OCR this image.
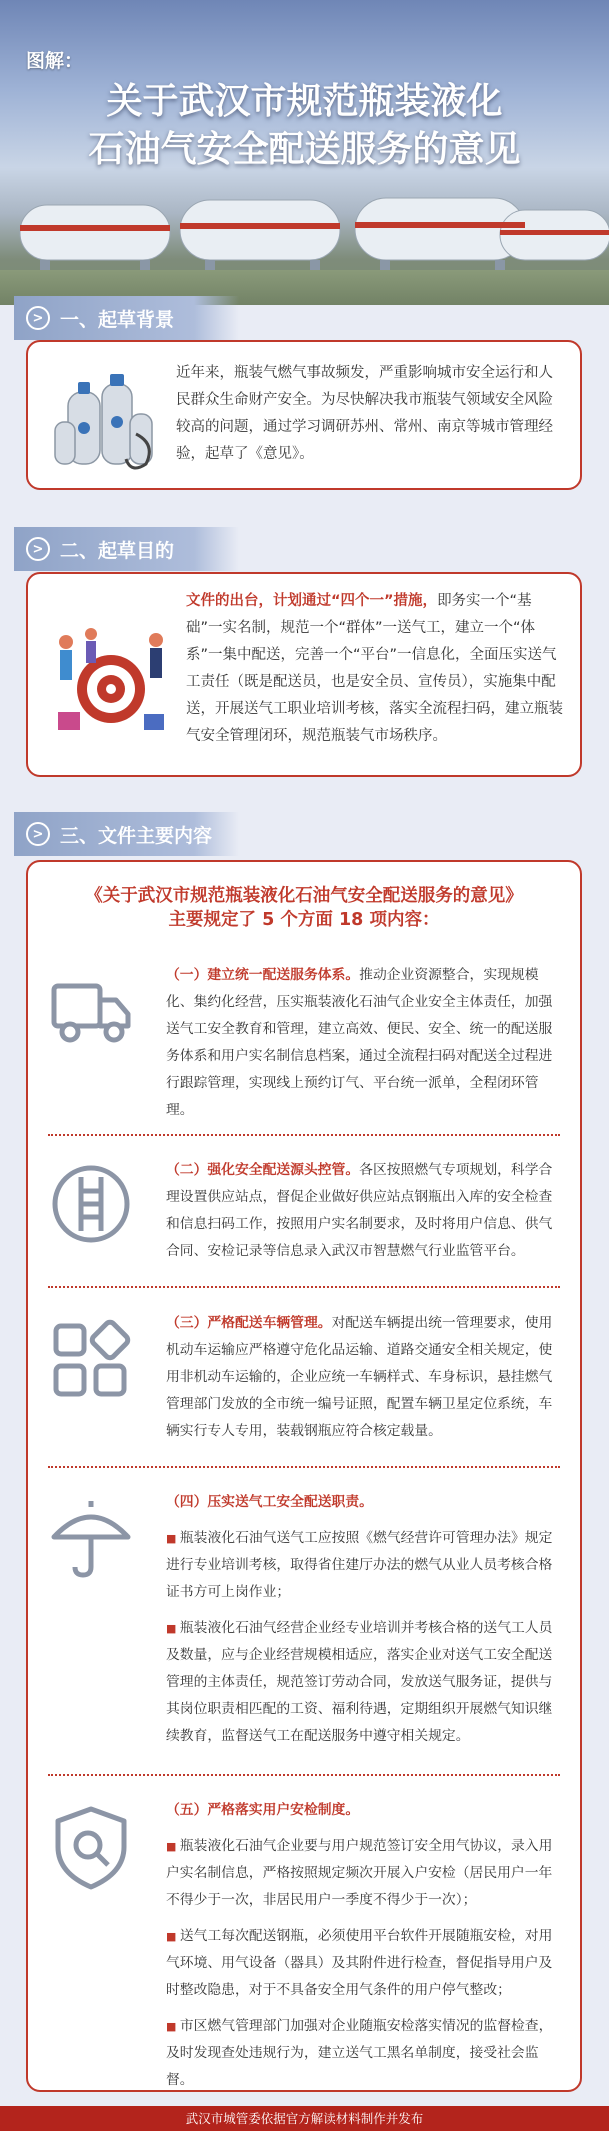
图解：
关于武汉市规范瓶装液化
石油气安全配送服务的意见
> 一、起草背景
近年来，瓶装气燃气事故频发，严重影响城市安全运行和人民群众生命财产安全。为尽快解决我市瓶装气领域安全风险较高的问题，通过学习调研苏州、常州、南京等城市管理经验，起草了《意见》。
> 二、起草目的
文件的出台，计划通过“四个一”措施，即务实一个“基础”一实名制，规范一个“群体”一送气工，建立一个“体系”一集中配送，完善一个“平台”一信息化，全面压实送气工责任（既是配送员，也是安全员、宣传员），实施集中配送，开展送气工职业培训考核，落实全流程扫码，建立瓶装气安全管理闭环，规范瓶装气市场秩序。
> 三、文件主要内容
《关于武汉市规范瓶装液化石油气安全配送服务的意见》
主要规定了 5 个方面 18 项内容：
（一）建立统一配送服务体系。推动企业资源整合，实现规模化、集约化经营，压实瓶装液化石油气企业安全主体责任，加强送气工安全教育和管理，建立高效、便民、安全、统一的配送服务体系和用户实名制信息档案，通过全流程扫码对配送全过程进行跟踪管理，实现线上预约订气、平台统一派单，全程闭环管理。
（二）强化安全配送源头控管。各区按照燃气专项规划，科学合理设置供应站点，督促企业做好供应站点钢瓶出入库的安全检查和信息扫码工作，按照用户实名制要求，及时将用户信息、供气合同、安检记录等信息录入武汉市智慧燃气行业监管平台。
（三）严格配送车辆管理。对配送车辆提出统一管理要求，使用机动车运输应严格遵守危化品运输、道路交通安全相关规定，使用非机动车运输的，企业应统一车辆样式、车身标识，悬挂燃气管理部门发放的全市统一编号证照，配置车辆卫星定位系统，车辆实行专人专用，装载钢瓶应符合核定载量。
（四）压实送气工安全配送职责。
■ 瓶装液化石油气送气工应按照《燃气经营许可管理办法》规定进行专业培训考核，取得省住建厅办法的燃气从业人员考核合格证书方可上岗作业；
■ 瓶装液化石油气经营企业经专业培训并考核合格的送气工人员及数量，应与企业经营规模相适应，落实企业对送气工安全配送管理的主体责任，规范签订劳动合同，发放送气服务证，提供与其岗位职责相匹配的工资、福利待遇，定期组织开展燃气知识继续教育，监督送气工在配送服务中遵守相关规定。
（五）严格落实用户安检制度。
■ 瓶装液化石油气企业要与用户规范签订安全用气协议，录入用户实名制信息，严格按照规定频次开展入户安检（居民用户一年不得少于一次，非居民用户一季度不得少于一次）；
■ 送气工每次配送钢瓶，必须使用平台软件开展随瓶安检，对用气环境、用气设备（器具）及其附件进行检查，督促指导用户及时整改隐患，对于不具备安全用气条件的用户停气整改；
■ 市区燃气管理部门加强对企业随瓶安检落实情况的监督检查，及时发现查处违规行为，建立送气工黑名单制度，接受社会监督。
武汉市城管委依据官方解读材料制作并发布
